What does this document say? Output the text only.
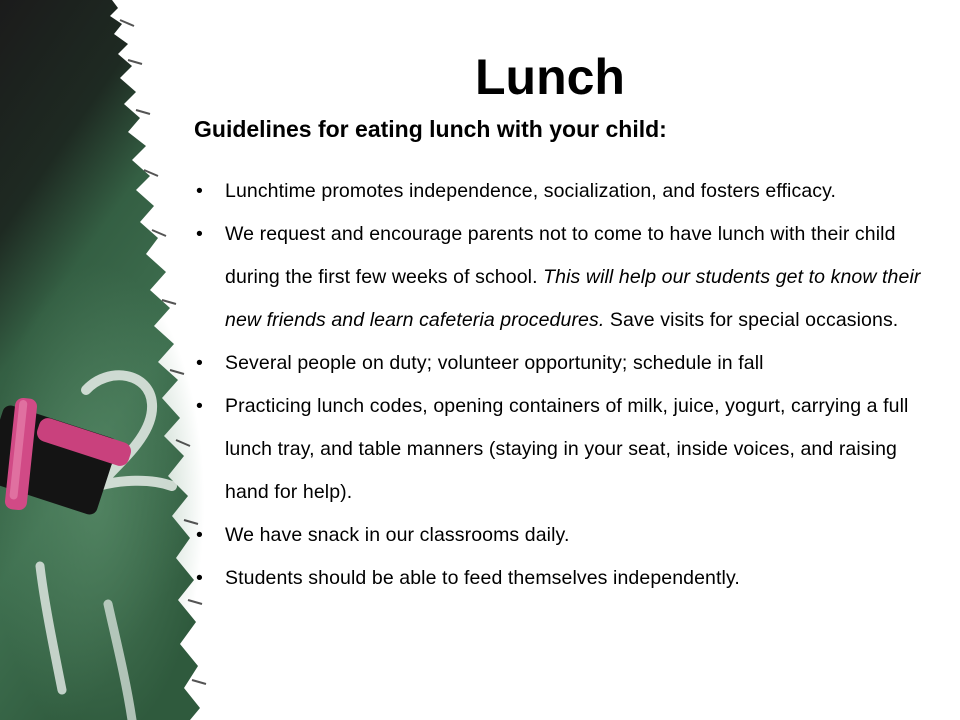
Lunch
Guidelines for eating lunch with your child:
• Lunchtime promotes independence, socialization, and fosters efficacy.
• We request and encourage parents not to come to have lunch with their child during the first few weeks of school. This will help our students get to know their new friends and learn cafeteria procedures. Save visits for special occasions.
• Several people on duty; volunteer opportunity; schedule in fall
• Practicing lunch codes, opening containers of milk, juice, yogurt, carrying a full lunch tray, and table manners (staying in your seat, inside voices, and raising hand for help).
• We have snack in our classrooms daily.
• Students should be able to feed themselves independently.
